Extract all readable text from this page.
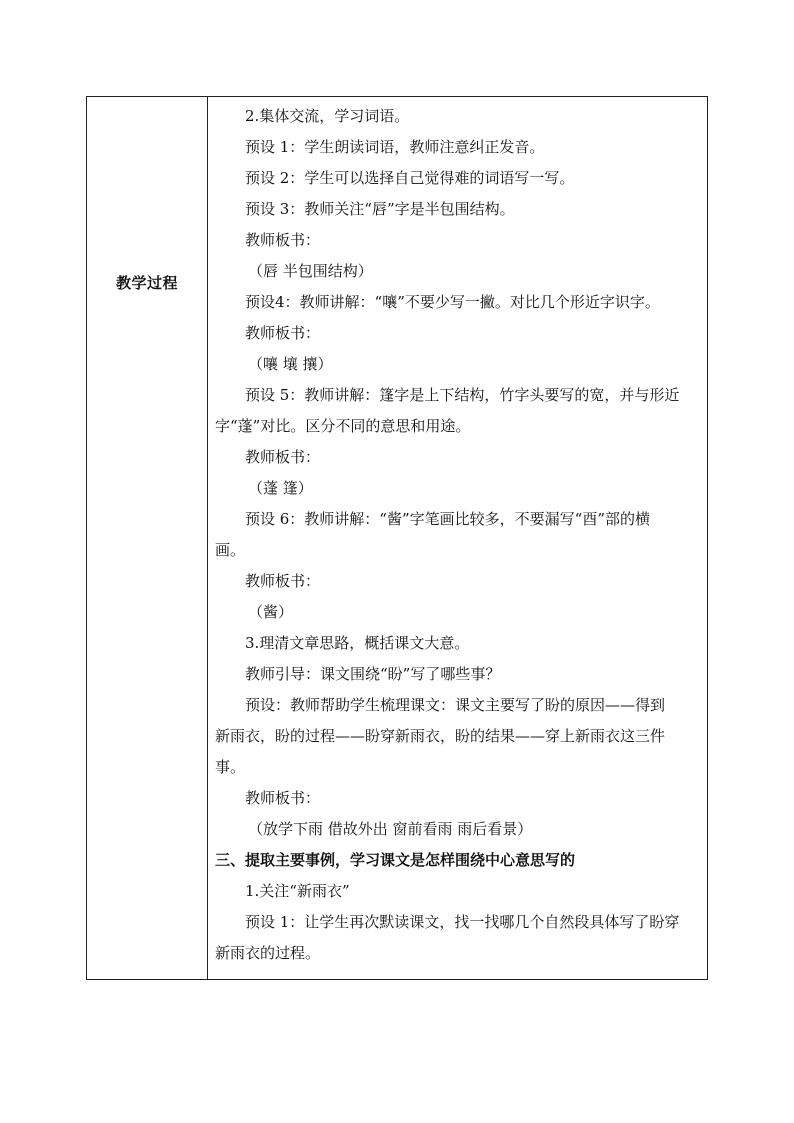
教学过程
2.集体交流，学习词语。
预设 1：学生朗读词语，教师注意纠正发音。
预设 2：学生可以选择自己觉得难的词语写一写。
预设 3：教师关注“唇”字是半包围结构。
教师板书：
（唇 半包围结构）
预设4：教师讲解：“嚷”不要少写一撇。对比几个形近字识字。
教师板书：
（嚷 壤 攘）
预设 5：教师讲解：篷字是上下结构，竹字头要写的宽，并与形近
字“蓬”对比。区分不同的意思和用途。
教师板书：
（蓬 篷）
预设 6：教师讲解：“酱”字笔画比较多，不要漏写“酉”部的横
画。
教师板书：
（酱）
3.理清文章思路，概括课文大意。
教师引导：课文围绕“盼”写了哪些事？
预设：教师帮助学生梳理课文：课文主要写了盼的原因——得到
新雨衣，盼的过程——盼穿新雨衣，盼的结果——穿上新雨衣这三件
事。
教师板书：
（放学下雨 借故外出 窗前看雨 雨后看景）
三、提取主要事例，学习课文是怎样围绕中心意思写的
1.关注“新雨衣”
预设 1：让学生再次默读课文，找一找哪几个自然段具体写了盼穿
新雨衣的过程。
